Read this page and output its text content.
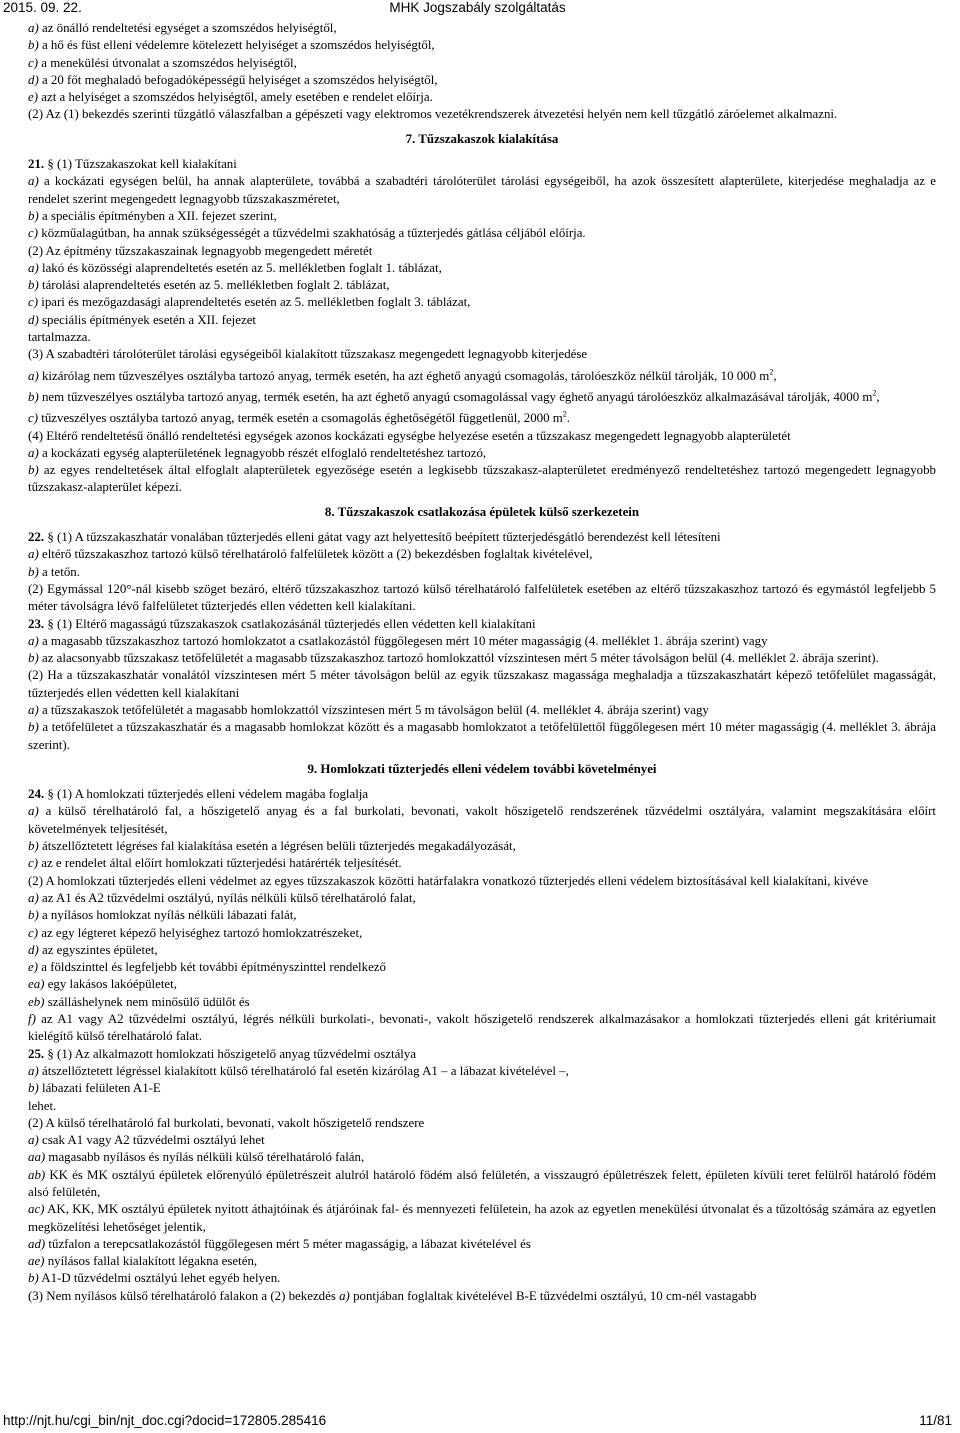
2015. 09. 22.	MHK Jogszabály szolgáltatás

a) az önálló rendeltetési egységet a szomszédos helyiségtől,

b) a hő és füst elleni védelemre kötelezett helyiséget a szomszédos helyiségtől,

c) a menekülési útvonalat a szomszédos helyiségtől,

d) a 20 főt meghaladó befogadóképességű helyiséget a szomszédos helyiségtől,

e) azt a helyiséget a szomszédos helyiségtől, amely esetében e rendelet előírja.

(2) Az (1) bekezdés szerinti tűzgátló válaszfalban a gépészeti vagy elektromos vezetékrendszerek átvezetési helyén nem kell tűzgátló záróelemet alkalmazni.

7. Tűzszakaszok kialakítása

21. § (1) Tűzszakaszokat kell kialakítani

a) a kockázati egységen belül, ha annak alapterülete, továbbá a szabadtéri tárolóterület tárolási egységeiből, ha azok összesített alapterülete, kiterjedése meghaladja az e rendelet szerint megengedett legnagyobb tűzszakaszméretet,

b) a speciális építményben a XII. fejezet szerint,

c) közműalagútban, ha annak szükségességét a tűzvédelmi szakhatóság a tűzterjedés gátlása céljából előírja.

(2) Az építmény tűzszakaszainak legnagyobb megengedett méretét

a) lakó és közösségi alaprendeltetés esetén az 5. mellékletben foglalt 1. táblázat,

b) tárolási alaprendeltetés esetén az 5. mellékletben foglalt 2. táblázat,

c) ipari és mezőgazdasági alaprendeltetés esetén az 5. mellékletben foglalt 3. táblázat,

d) speciális építmények esetén a XII. fejezet

tartalmazza.

(3) A szabadtéri tárolóterület tárolási egységeiből kialakított tűzszakasz megengedett legnagyobb kiterjedése

a) kizárólag nem tűzveszélyes osztályba tartozó anyag, termék esetén, ha azt éghető anyagú csomagolás, tárolóeszköz nélkül tárolják, 10 000 $m^2$,

b) nem tűzveszélyes osztályba tartozó anyag, termék esetén, ha azt éghető anyagú csomagolással vagy éghető anyagú tárolóeszköz alkalmazásával tárolják, 4000 $m^2$,

c) tűzveszélyes osztályba tartozó anyag, termék esetén a csomagolás éghetőségétől függetlenül, 2000 $m^2$.

(4) Eltérő rendeltetésű önálló rendeltetési egységek azonos kockázati egységbe helyezése esetén a tűzszakasz megengedett legnagyobb alapterületét

a) a kockázati egység alapterületének legnagyobb részét elfoglaló rendeltetéshez tartozó,

b) az egyes rendeltetések által elfoglalt alapterületek egyezősége esetén a legkisebb tűzszakasz-alapterületet eredményező rendeltetéshez tartozó megengedett legnagyobb tűzszakasz-alapterület képezi.

8. Tűzszakaszok csatlakozása épületek külső szerkezetein

22. § (1) A tűzszakaszhatár vonalában tűzterjedés elleni gátat vagy azt helyettesítő beépített tűzterjedésgátló berendezést kell létesíteni

a) eltérő tűzszakaszhoz tartozó külső térelhatároló falfelületek között a (2) bekezdésben foglaltak kivételével,

b) a tetőn.

(2) Egymással 120°-nál kisebb szöget bezáró, eltérő tűzszakaszhoz tartozó külső térelhatároló falfelületek esetében az eltérő tűzszakaszhoz tartozó és egymástól legfeljebb 5 méter távolságra lévő falfelületet tűzterjedés ellen védetten kell kialakítani.

23. § (1) Eltérő magasságú tűzszakaszok csatlakozásánál tűzterjedés ellen védetten kell kialakítani

a) a magasabb tűzszakaszhoz tartozó homlokzatot a csatlakozástól függőlegesen mért 10 méter magasságig (4. melléklet 1. ábrája szerint) vagy

b) az alacsonyabb tűzszakasz tetőfelületét a magasabb tűzszakaszhoz tartozó homlokzattól vízszintesen mért 5 méter távolságon belül (4. melléklet 2. ábrája szerint).

(2) Ha a tűzszakaszhatár vonalától vízszintesen mért 5 méter távolságon belül az egyik tűzszakasz magassága meghaladja a tűzszakaszhatárt képező tetőfelület magasságát, tűzterjedés ellen védetten kell kialakítani

a) a tűzszakaszok tetőfelületét a magasabb homlokzattól vízszintesen mért 5 m távolságon belül (4. melléklet 4. ábrája szerint) vagy

b) a tetőfelületet a tűzszakaszhatár és a magasabb homlokzat között és a magasabb homlokzatot a tetőfelülettől függőlegesen mért 10 méter magasságig (4. melléklet 3. ábrája szerint).

9. Homlokzati tűzterjedés elleni védelem további követelményei

24. § (1) A homlokzati tűzterjedés elleni védelem magába foglalja

a) a külső térelhatároló fal, a hőszigetelő anyag és a fal burkolati, bevonati, vakolt hőszigetelő rendszerének tűzvédelmi osztályára, valamint megszakítására előírt követelmények teljesítését,

b) átszellőztetett légréses fal kialakítása esetén a légrésen belüli tűzterjedés megakadályozását,

c) az e rendelet által előírt homlokzati tűzterjedési határérték teljesítését.

(2) A homlokzati tűzterjedés elleni védelmet az egyes tűzszakaszok közötti határfalakra vonatkozó tűzterjedés elleni védelem biztosításával kell kialakítani, kivéve

a) az A1 és A2 tűzvédelmi osztályú, nyílás nélküli külső térelhatároló falat,

b) a nyílásos homlokzat nyílás nélküli lábazati falát,

c) az egy légteret képező helyiséghez tartozó homlokzatrészeket,

d) az egyszintes épületet,

e) a földszinttel és legfeljebb két további építményszinttel rendelkező

ea) egy lakásos lakóépületet,

eb) szálláshelynek nem minősülő üdülőt és

f) az A1 vagy A2 tűzvédelmi osztályú, légrés nélküli burkolati-, bevonati-, vakolt hőszigetelő rendszerek alkalmazásakor a homlokzati tűzterjedés elleni gát kritériumait kielégítő külső térelhatároló falat.

25. § (1) Az alkalmazott homlokzati hőszigetelő anyag tűzvédelmi osztálya

a) átszellőztetett légréssel kialakított külső térelhatároló fal esetén kizárólag A1 – a lábazat kivételével –,

b) lábazati felületen A1-E

lehet.

(2) A külső térelhatároló fal burkolati, bevonati, vakolt hőszigetelő rendszere

a) csak A1 vagy A2 tűzvédelmi osztályú lehet

aa) magasabb nyílásos és nyílás nélküli külső térelhatároló falán,

ab) KK és MK osztályú épületek előrenyúló épületrészeit alulról határoló födém alsó felületén, a visszaugró épületrészek felett, épületen kívüli teret felülről határoló födém alsó felületén,

ac) AK, KK, MK osztályú épületek nyitott áthajtóinak és átjáróinak fal- és mennyezeti felületein, ha azok az egyetlen menekülési útvonalat és a tűzoltóság számára az egyetlen megközelítési lehetőséget jelentik,

ad) tűzfalon a terepcsatlakozástól függőlegesen mért 5 méter magasságig, a lábazat kivételével és

ae) nyílásos fallal kialakított légakna esetén,

b) A1-D tűzvédelmi osztályú lehet egyéb helyen.

(3) Nem nyílásos külső térelhatároló falakon a (2) bekezdés a) pontjában foglaltak kivételével B-E tűzvédelmi osztályú, 10 cm-nél vastagabb

http://njt.hu/cgi_bin/njt_doc.cgi?docid=172805.285416	11/81
